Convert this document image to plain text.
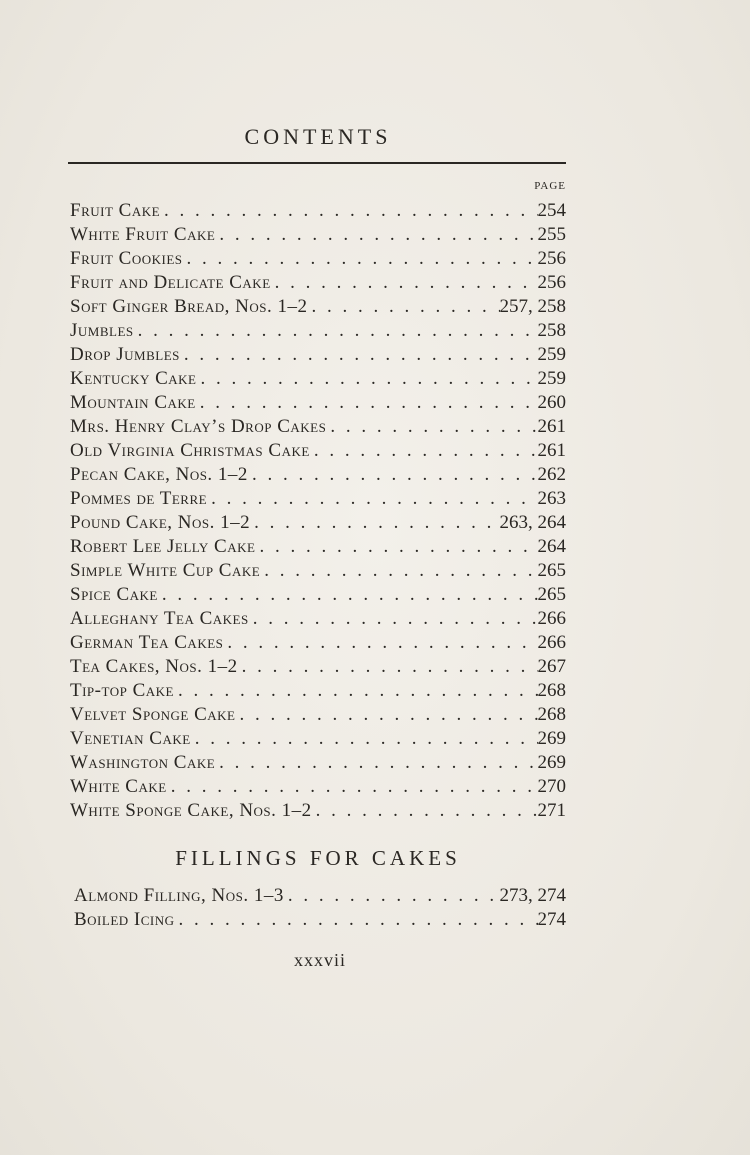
CONTENTS
PAGE
Fruit Cake . . .	254
White Fruit Cake . . .	255
Fruit Cookies . . .	256
Fruit and Delicate Cake . . .	256
Soft Ginger Bread, Nos. 1–2 . . .	257, 258
Jumbles . . .	258
Drop Jumbles . . .	259
Kentucky Cake . . .	259
Mountain Cake . . .	260
Mrs. Henry Clay’s Drop Cakes . . .	261
Old Virginia Christmas Cake . . .	261
Pecan Cake, Nos. 1–2 . . .	262
Pommes de Terre . . .	263
Pound Cake, Nos. 1–2 . . .	263, 264
Robert Lee Jelly Cake . . .	264
Simple White Cup Cake . . .	265
Spice Cake . . .	265
Alleghany Tea Cakes . . .	266
German Tea Cakes . . .	266
Tea Cakes, Nos. 1–2 . . .	267
Tip-top Cake . . .	268
Velvet Sponge Cake . . .	268
Venetian Cake . . .	269
Washington Cake . . .	269
White Cake . . .	270
White Sponge Cake, Nos. 1–2 . . .	271
FILLINGS FOR CAKES
Almond Filling, Nos. 1–3 . . .	273, 274
Boiled Icing . . .	274
xxxvii
